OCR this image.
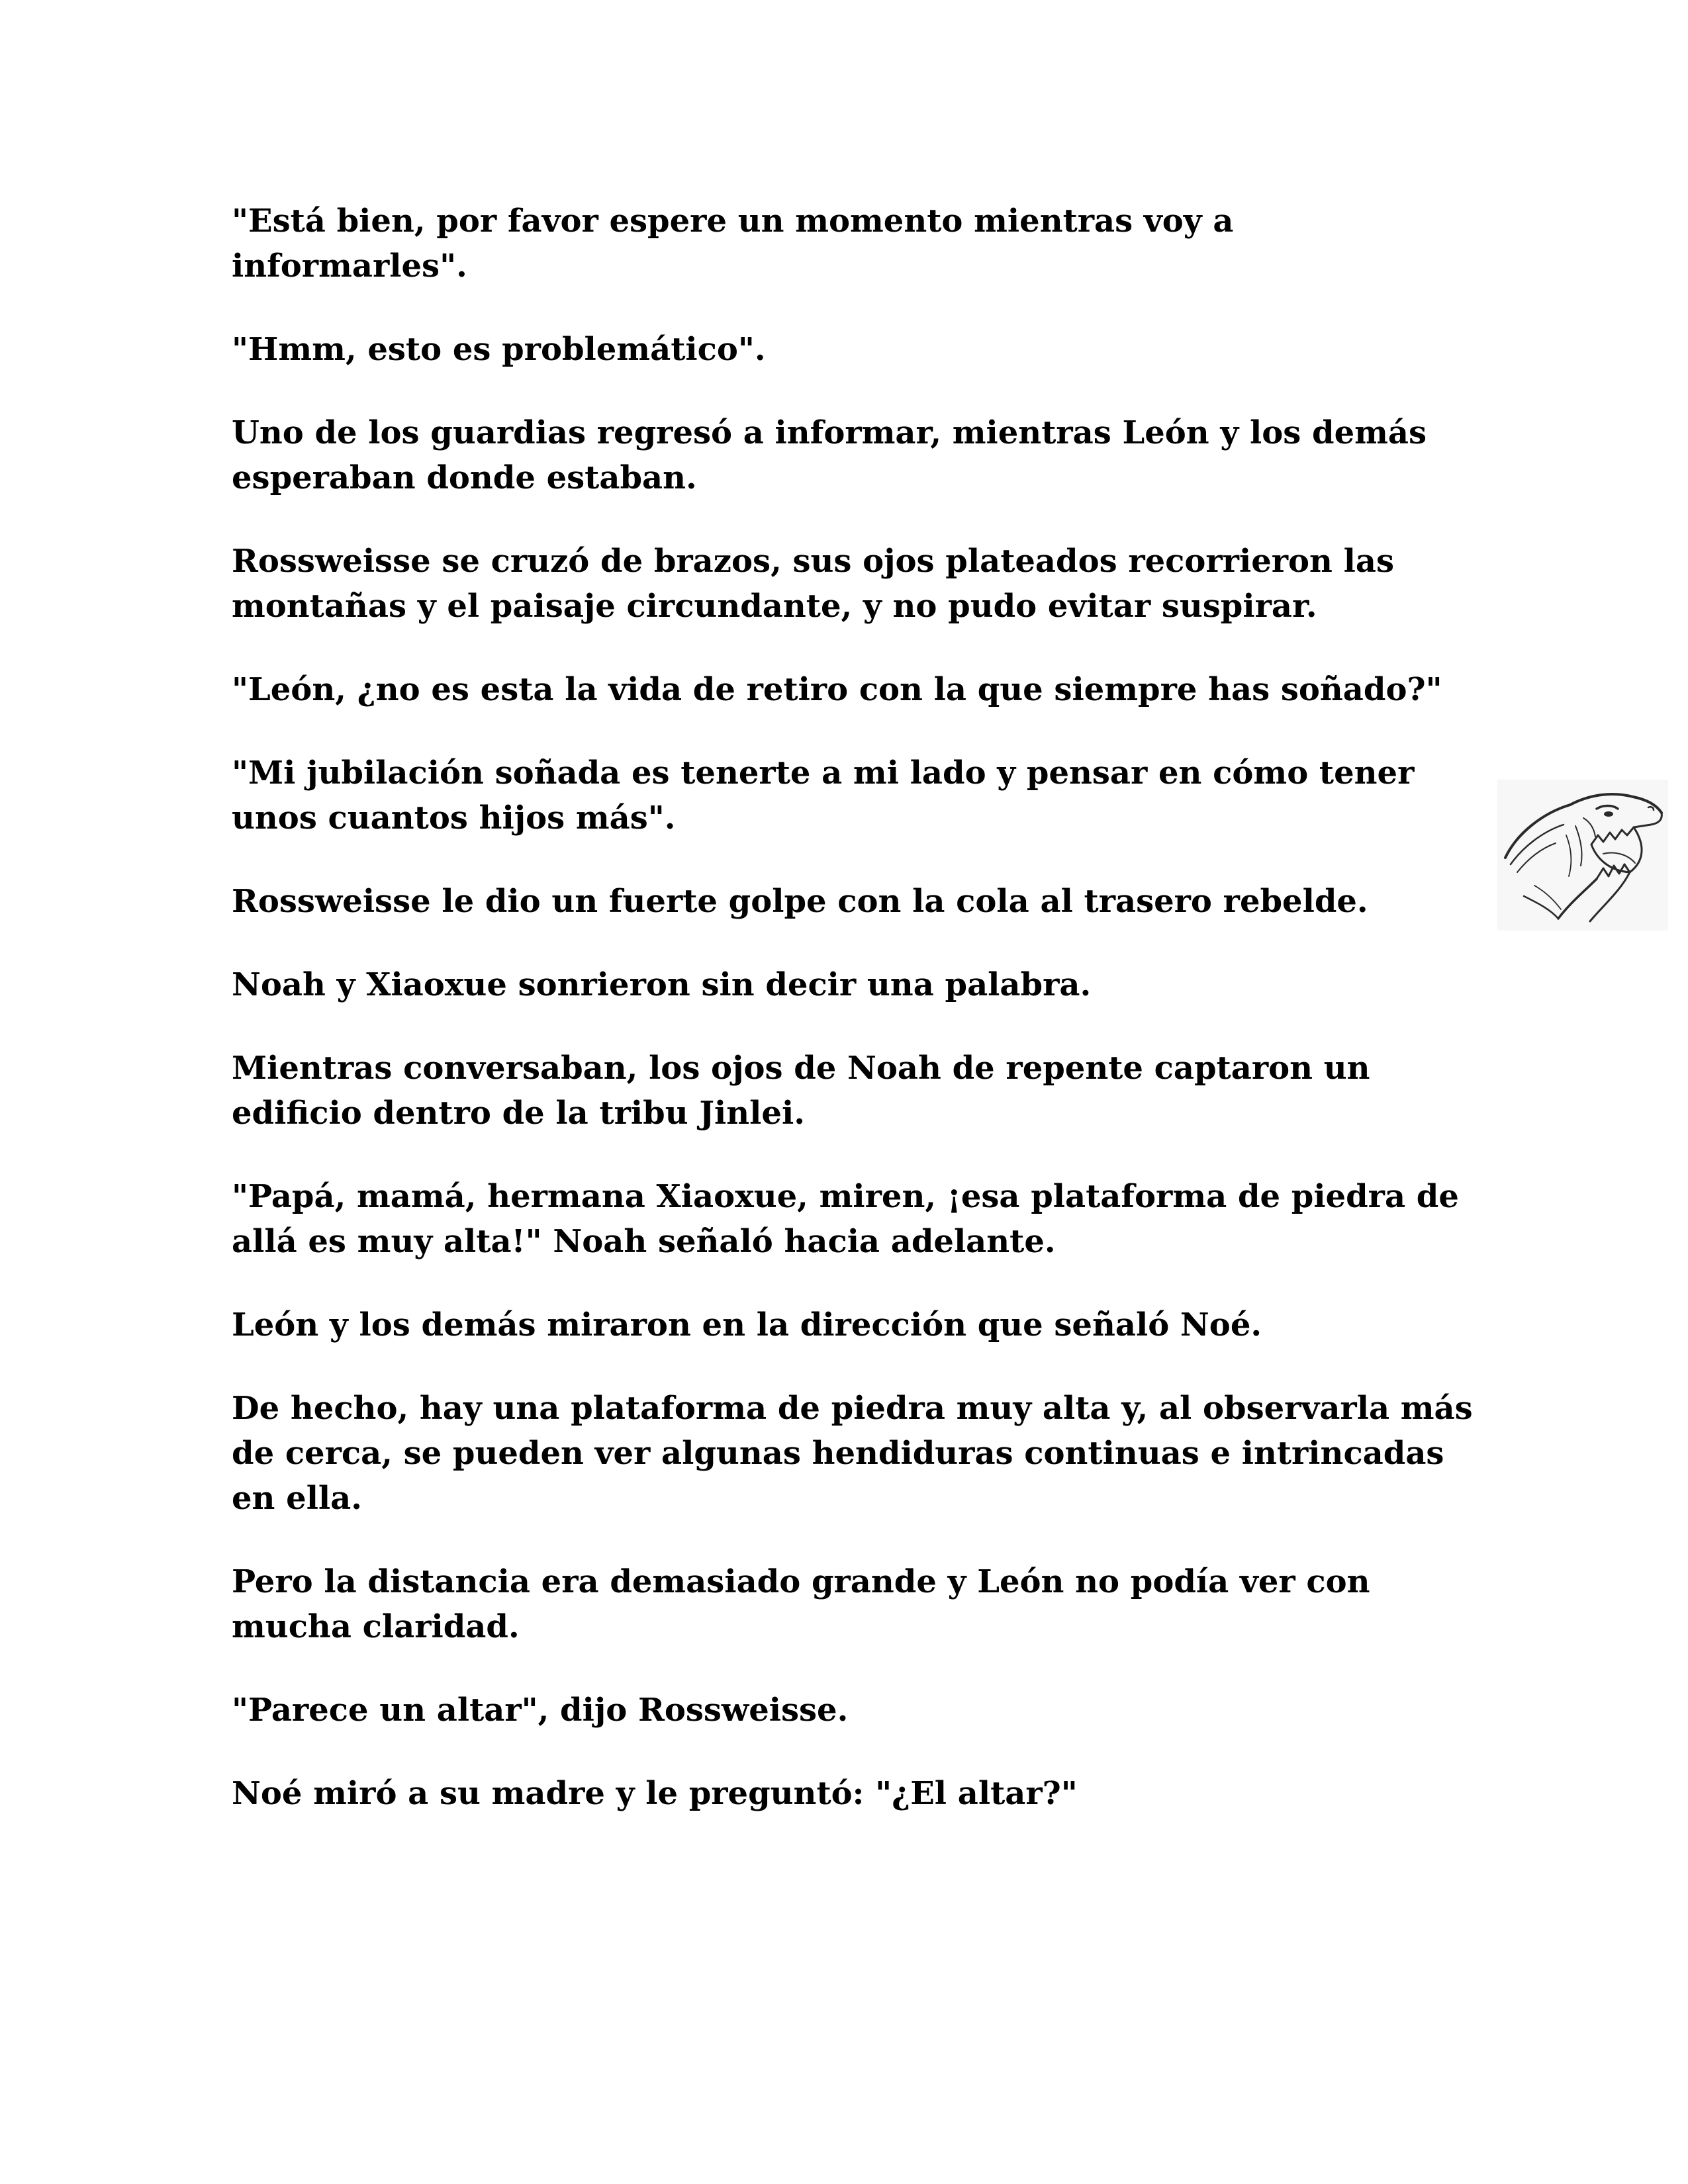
"Está bien, por favor espere un momento mientras voy a informarles".

"Hmm, esto es problemático".

Uno de los guardias regresó a informar, mientras León y los demás esperaban donde estaban.

Rossweisse se cruzó de brazos, sus ojos plateados recorrieron las montañas y el paisaje circundante, y no pudo evitar suspirar.

"León, ¿no es esta la vida de retiro con la que siempre has soñado?"

"Mi jubilación soñada es tenerte a mi lado y pensar en cómo tener unos cuantos hijos más".

Rossweisse le dio un fuerte golpe con la cola al trasero rebelde.

Noah y Xiaoxue sonrieron sin decir una palabra.

Mientras conversaban, los ojos de Noah de repente captaron un edificio dentro de la tribu Jinlei.

"Papá, mamá, hermana Xiaoxue, miren, ¡esa plataforma de piedra de allá es muy alta!" Noah señaló hacia adelante.

León y los demás miraron en la dirección que señaló Noé.

De hecho, hay una plataforma de piedra muy alta y, al observarla más de cerca, se pueden ver algunas hendiduras continuas e intrincadas en ella.

Pero la distancia era demasiado grande y León no podía ver con mucha claridad.

"Parece un altar", dijo Rossweisse.

Noé miró a su madre y le preguntó: "¿El altar?"
